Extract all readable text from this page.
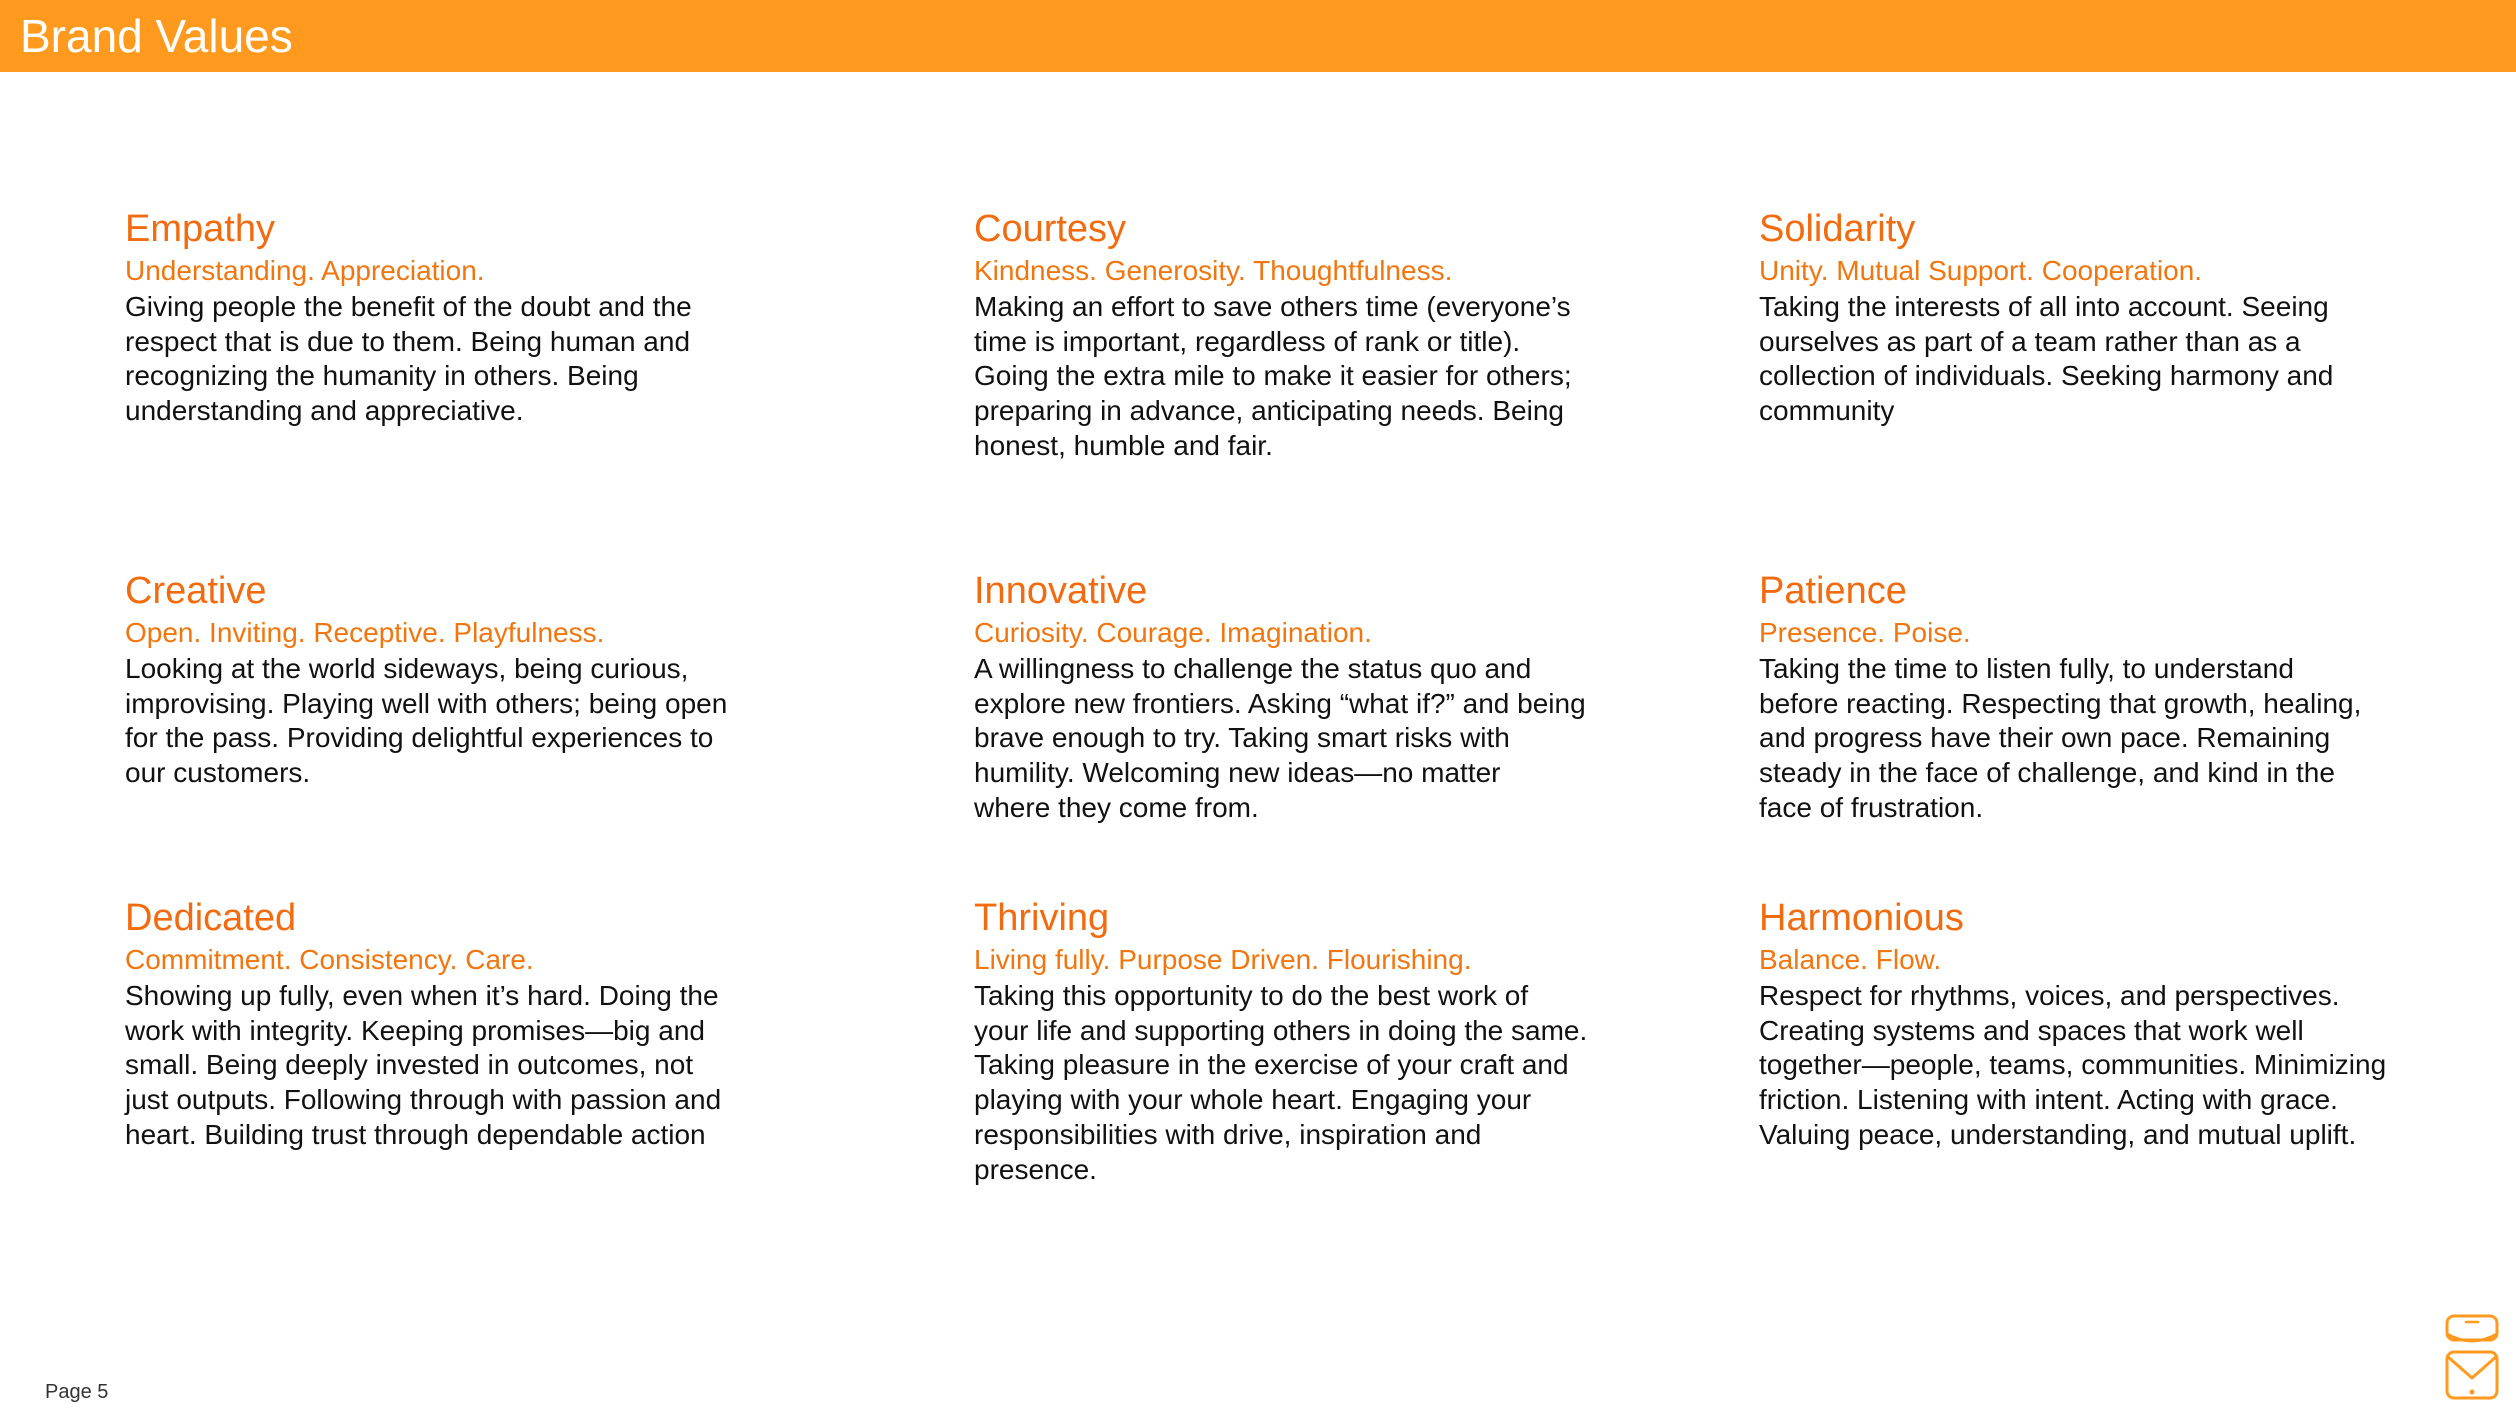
Brand Values
Empathy
Understanding. Appreciation.
Giving people the benefit of the doubt and the
respect that is due to them. Being human and
recognizing the humanity in others. Being
understanding and appreciative.
Courtesy
Kindness. Generosity. Thoughtfulness.
Making an effort to save others time (everyone’s
time is important, regardless of rank or title).
Going the extra mile to make it easier for others;
preparing in advance, anticipating needs. Being
honest, humble and fair.
Solidarity
Unity. Mutual Support. Cooperation.
Taking the interests of all into account. Seeing
ourselves as part of a team rather than as a
collection of individuals. Seeking harmony and
community
Creative
Open. Inviting. Receptive. Playfulness.
Looking at the world sideways, being curious,
improvising. Playing well with others; being open
for the pass. Providing delightful experiences to
our customers.
Innovative
Curiosity. Courage. Imagination.
A willingness to challenge the status quo and
explore new frontiers. Asking “what if?” and being
brave enough to try. Taking smart risks with
humility. Welcoming new ideas—no matter
where they come from.
Patience
Presence. Poise.
Taking the time to listen fully, to understand
before reacting. Respecting that growth, healing,
and progress have their own pace. Remaining
steady in the face of challenge, and kind in the
face of frustration.
Dedicated
Commitment. Consistency. Care.
Showing up fully, even when it’s hard. Doing the
work with integrity. Keeping promises—big and
small. Being deeply invested in outcomes, not
just outputs. Following through with passion and
heart. Building trust through dependable action
Thriving
Living fully. Purpose Driven. Flourishing.
Taking this opportunity to do the best work of
your life and supporting others in doing the same.
Taking pleasure in the exercise of your craft and
playing with your whole heart. Engaging your
responsibilities with drive, inspiration and
presence.
Harmonious
Balance. Flow.
Respect for rhythms, voices, and perspectives.
Creating systems and spaces that work well
together—people, teams, communities. Minimizing
friction. Listening with intent. Acting with grace.
Valuing peace, understanding, and mutual uplift.
Page 5
